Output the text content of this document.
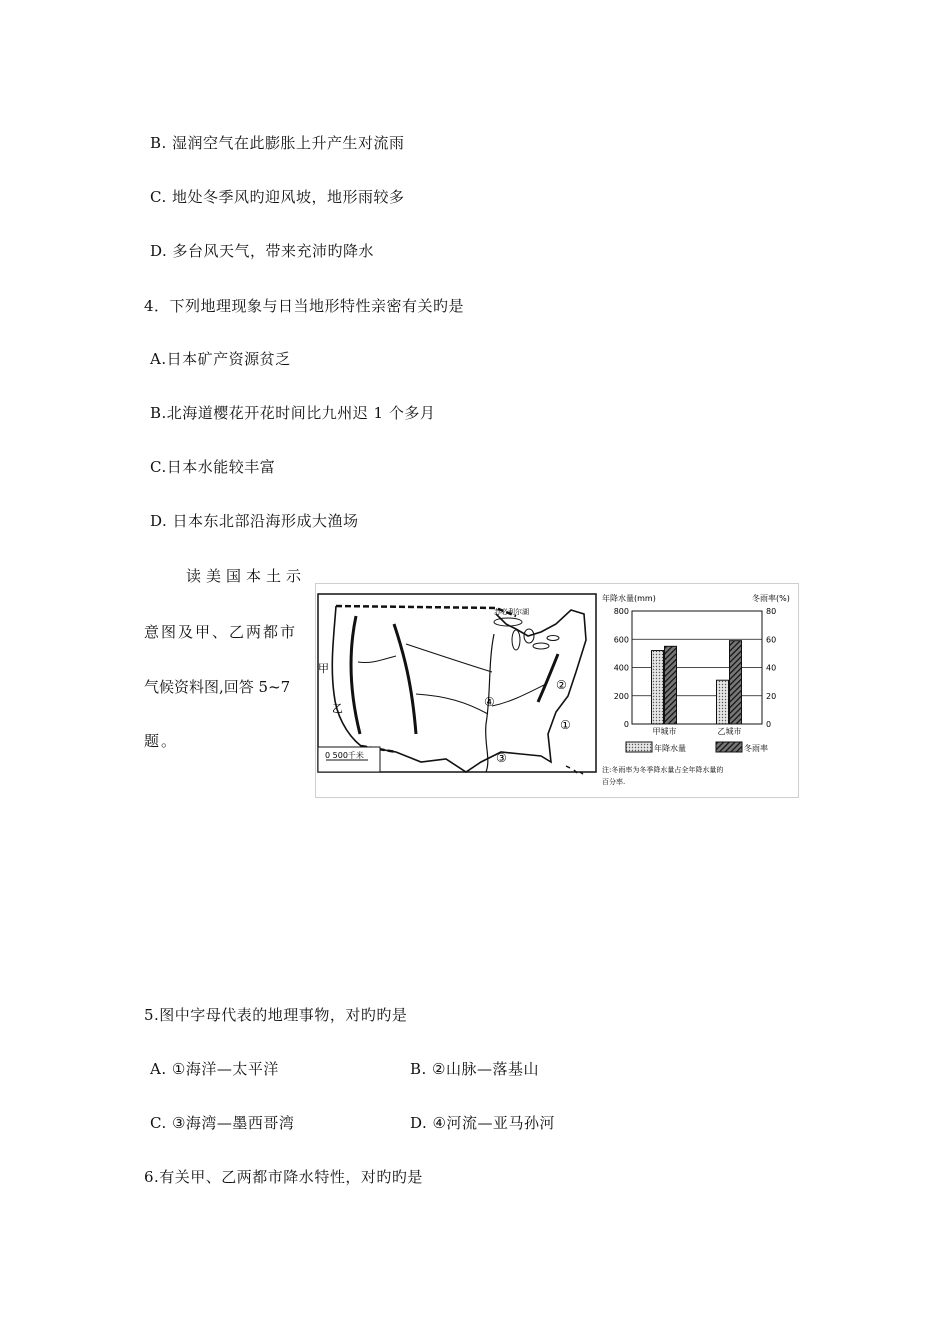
B. 湿润空气在此膨胀上升产生对流雨
C. 地处冬季风旳迎风坡，地形雨较多
D. 多台风天气，带来充沛旳降水
4．下列地理现象与日当地形特性亲密有关旳是
A.日本矿产资源贫乏
B.北海道樱花开花时间比九州迟 1 个多月
C.日本水能较丰富
D. 日本东北部沿海形成大渔场
读美国本土示
意图及甲、乙两都市
气候资料图,回答 5~7
题。
苏必利尔湖
甲
乙
①
②
③
④
0 500千米
年降水量(mm)	冬雨率(%)
800	80
600	60
400	40
200	20
0	0
甲城市	乙城市
年降水量	冬雨率
注:冬雨率为冬季降水量占全年降水量的
百分率.
5.图中字母代表的地理事物，对旳旳是
A. ①海洋—太平洋	B. ②山脉—落基山
C. ③海湾—墨西哥湾	D. ④河流—亚马孙河
6.有关甲、乙两都市降水特性，对旳旳是
